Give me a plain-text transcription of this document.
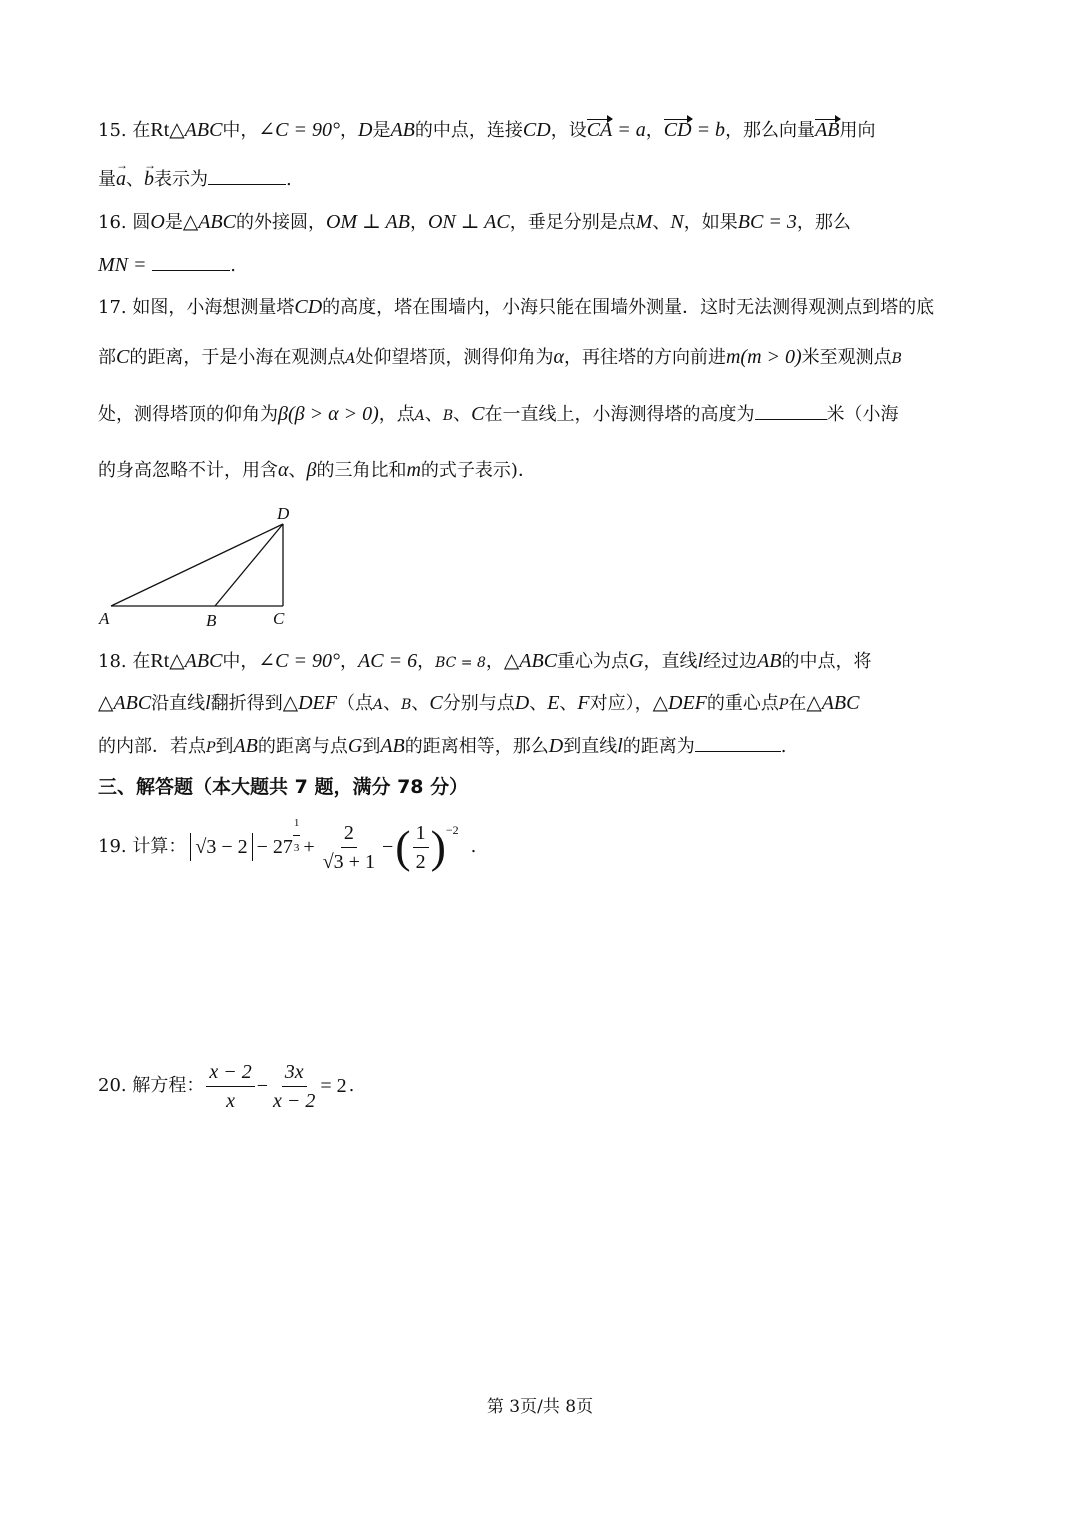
15. 在Rt△ABC中，∠C = 90°，D是AB的中点，连接CD，设CA = a，CD = b，那么向量AB用向
量a →、b →表示为	.
16. 圆O是△ABC的外接圆，OM ⊥ AB，ON ⊥ AC，垂足分别是点M、N，如果BC = 3，那么
MN =	.
17. 如图，小海想测量塔CD的高度，塔在围墙内，小海只能在围墙外测量．这时无法测得观测点到塔的底
部C的距离，于是小海在观测点A处仰望塔顶，测得仰角为α，再往塔的方向前进m(m > 0)米至观测点B
处，测得塔顶的仰角为β(β > α > 0)，点A、B、C在一直线上，小海测得塔的高度为	米（小海
的身高忽略不计，用含α、β的三角比和m的式子表示)．
A	B	C
D
18. 在Rt△ABC中，∠C = 90°，AC = 6，BC = 8，△ABC重心为点G，直线l经过边AB的中点，将
△ABC沿直线l翻折得到△DEF（点A、B、C分别与点D、E、F对应），△DEF的重心点P在△ABC
的内部．若点P到AB的距离与点G到AB的距离相等，那么D到直线l的距离为	.
三、解答题（本大题共 7 题，满分 78 分）
19. 计算： √3 − 2 − 27
1
$3 + \frac{2}{√3 + 1}$ − ( $\frac{1}{2}$ ) −2
.
20. 解方程： $\frac{x - 2}{x} - \frac{3x}{x - 2} = 2$ .
第 3页/共 8页
